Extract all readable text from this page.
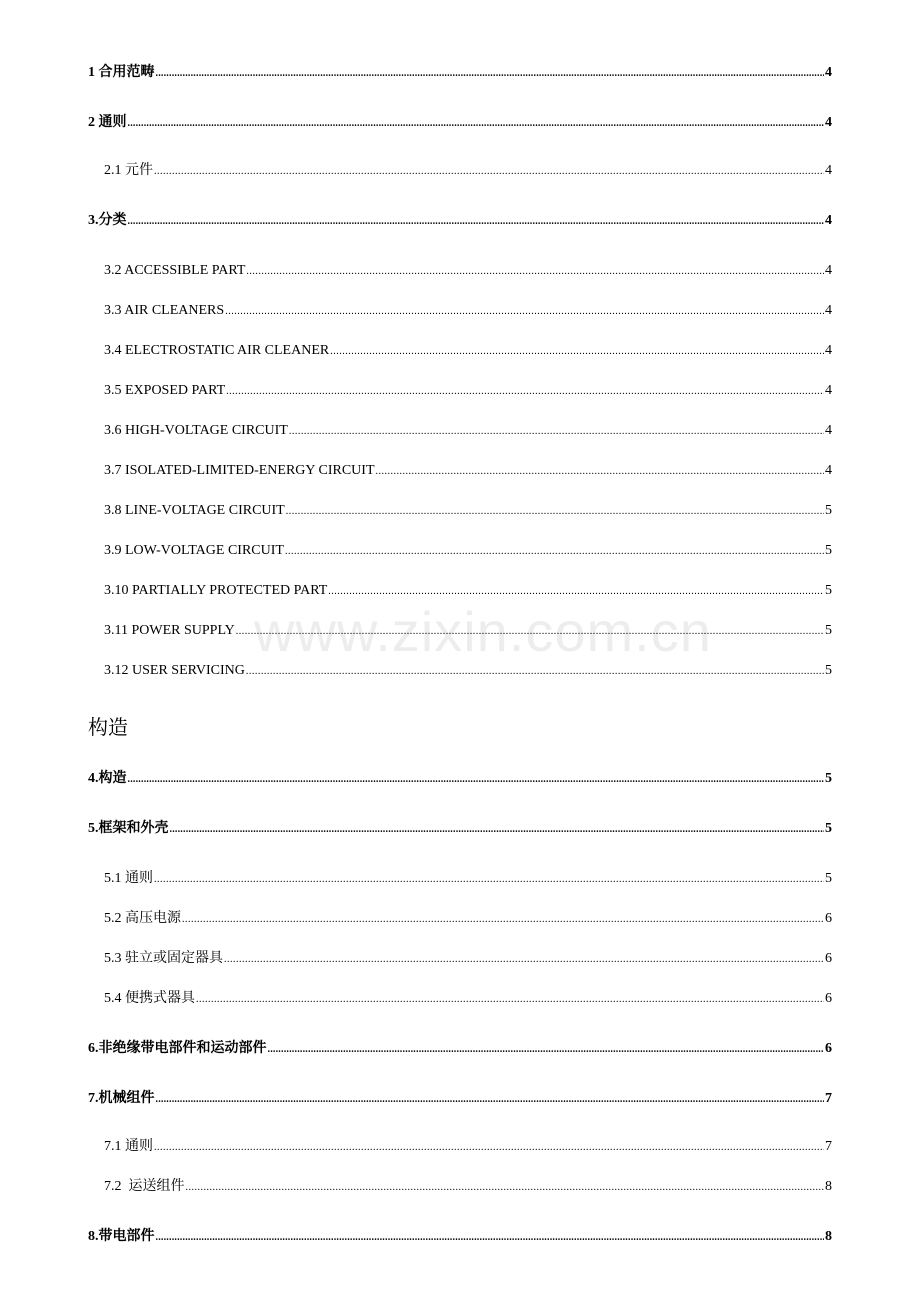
1 合用范畴 .....	4
2 通则 .....	4
2.1 元件 .....	4
3.分类 .....	4
3.2 ACCESSIBLE PART .....	4
3.3 AIR CLEANERS .....	4
3.4 ELECTROSTATIC AIR CLEANER .....	4
3.5 EXPOSED PART .....	4
3.6 HIGH-VOLTAGE CIRCUIT .....	4
3.7 ISOLATED-LIMITED-ENERGY CIRCUIT .....	4
3.8 LINE-VOLTAGE CIRCUIT .....	5
3.9 LOW-VOLTAGE CIRCUIT .....	5
3.10 PARTIALLY PROTECTED PART .....	5
3.11 POWER SUPPLY .....	5
3.12 USER SERVICING .....	5
构造
4.构造 .....	5
5.框架和外壳 .....	5
5.1 通则 .....	5
5.2 高压电源 .....	6
5.3 驻立或固定器具 .....	6
5.4 便携式器具 .....	6
6.非绝缘带电部件和运动部件 .....	6
7.机械组件 .....	7
7.1 通则 .....	7
7.2  运送组件 .....	8
8.带电部件 .....	8
www.zixin.com.cn
